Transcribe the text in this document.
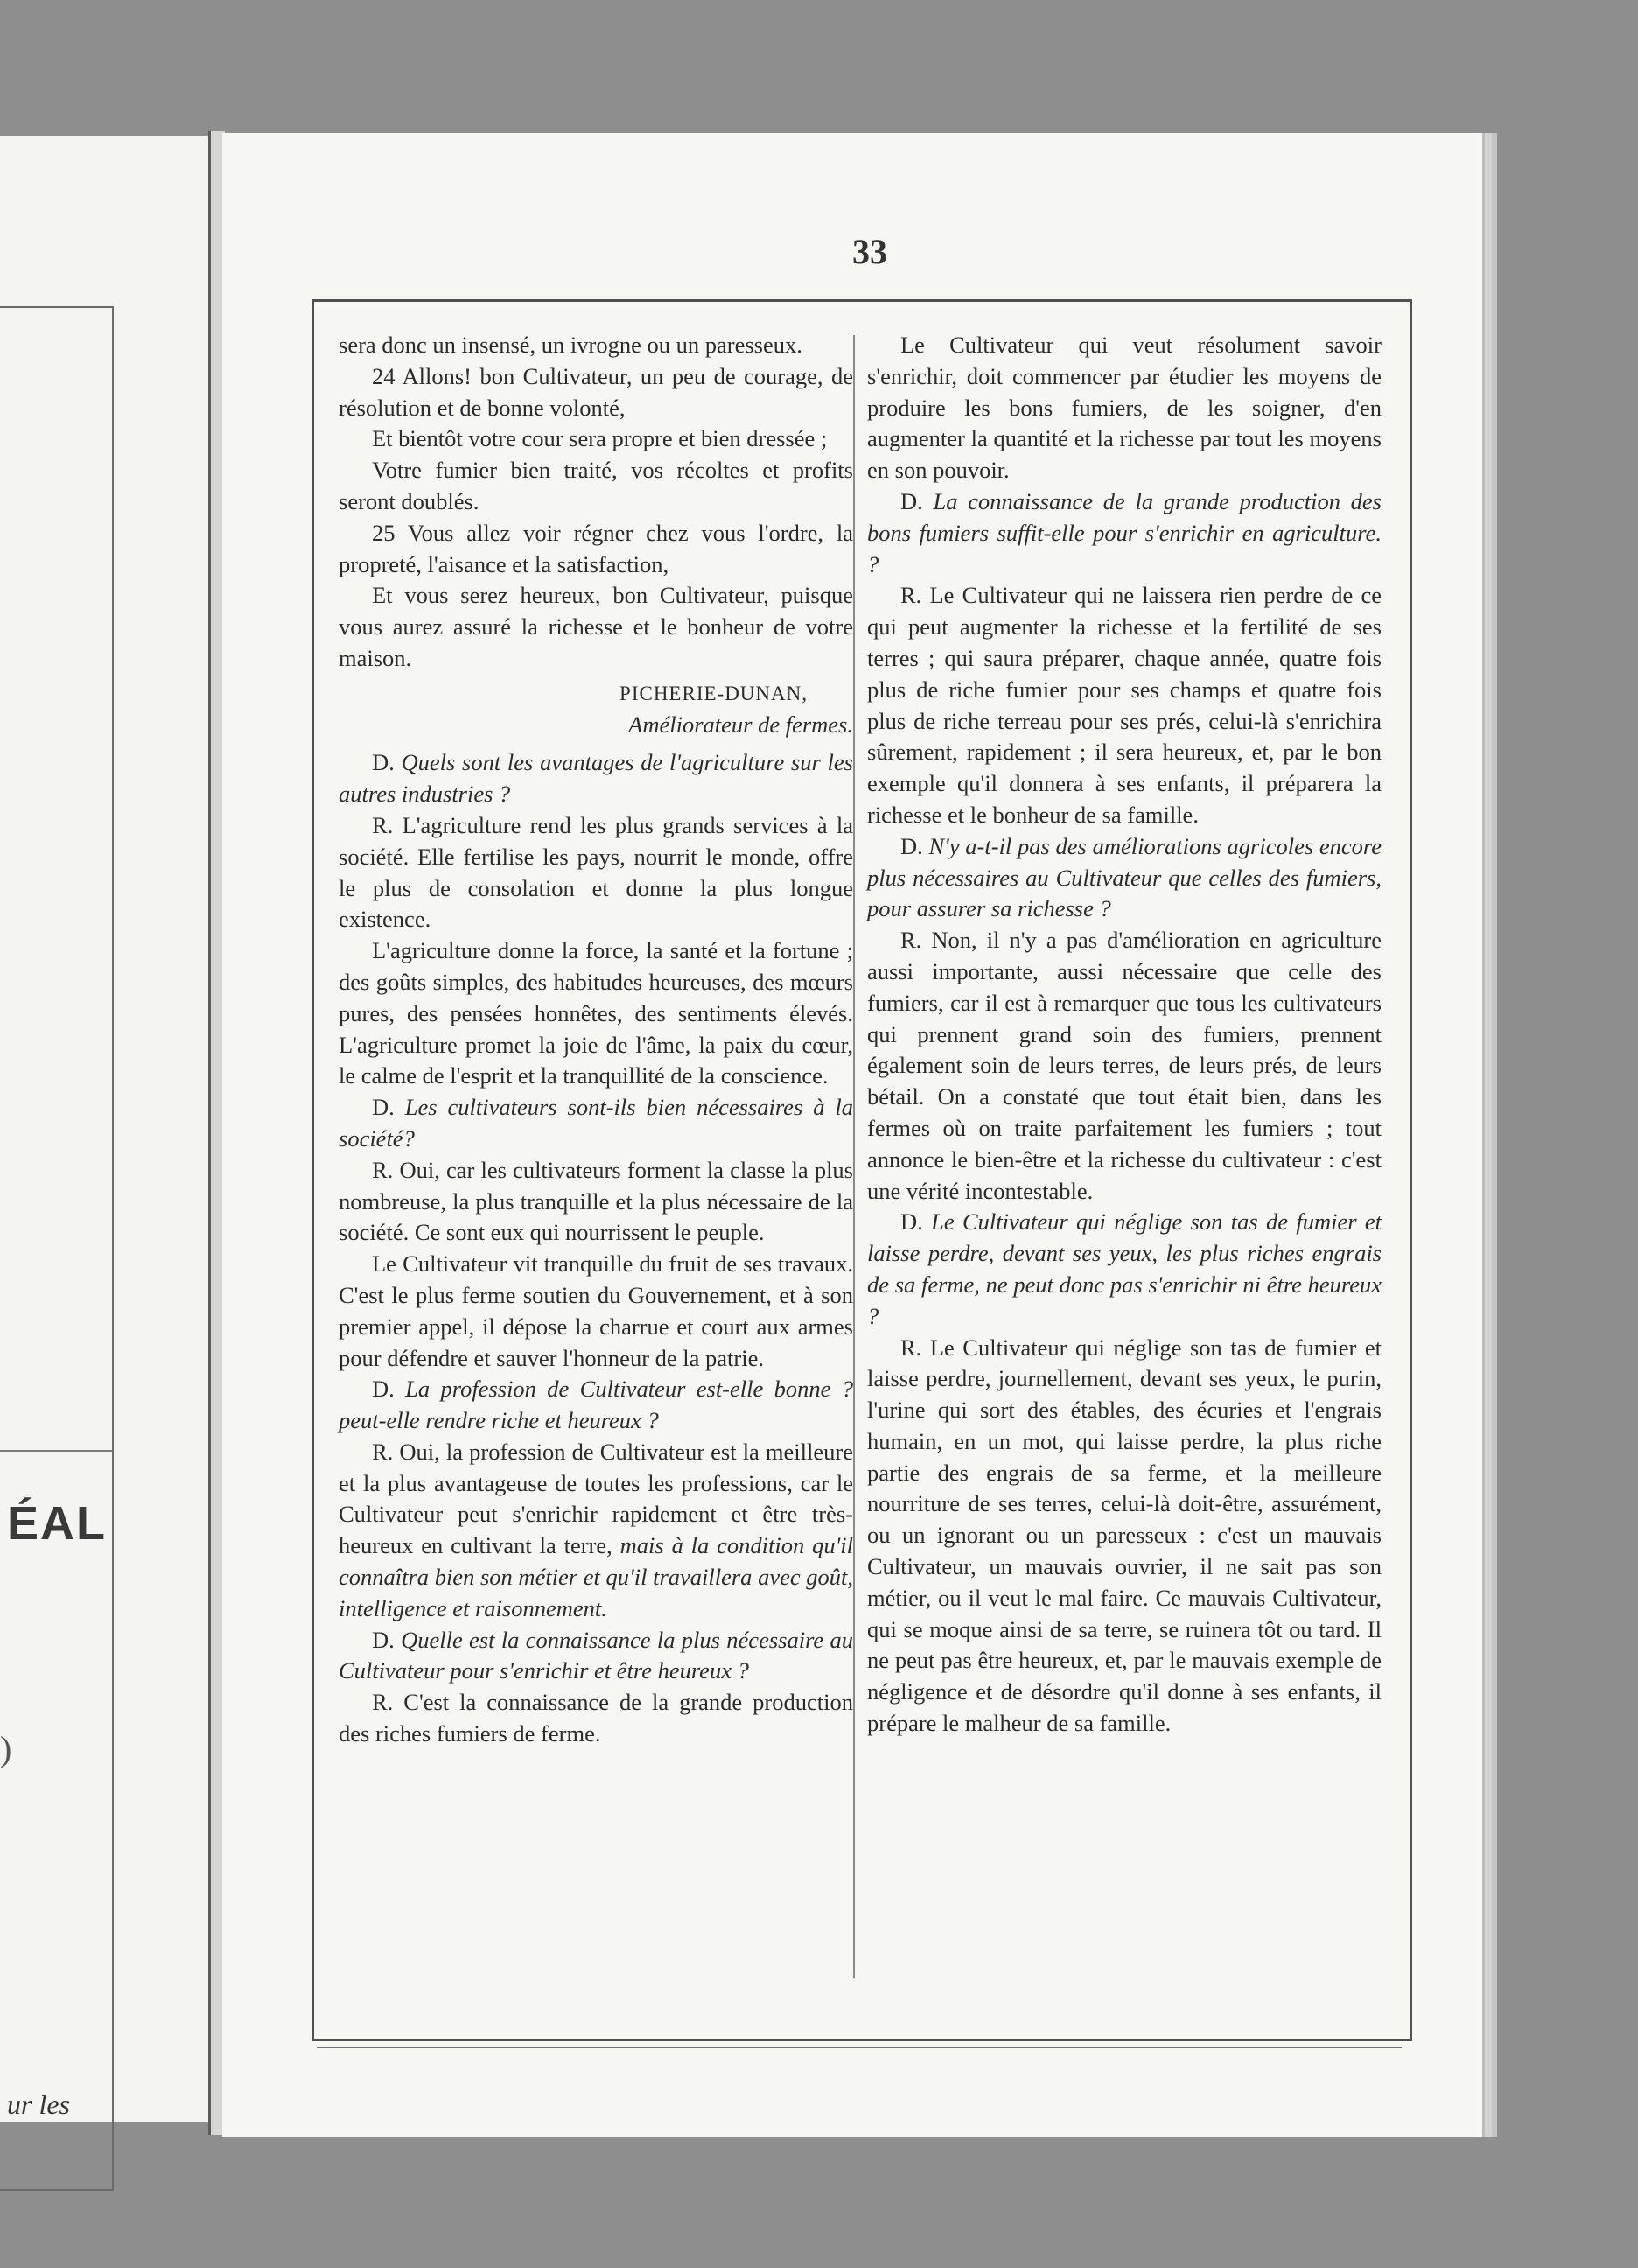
ÉAL
)
ur les
33

sera donc un insensé, un ivrogne ou un paresseux.

24 Allons! bon Cultivateur, un peu de courage, de résolution et de bonne volonté,

Et bientôt votre cour sera propre et bien dressée ;

Votre fumier bien traité, vos récoltes et profits seront doublés.

25 Vous allez voir régner chez vous l'ordre, la propreté, l'aisance et la satisfaction,

Et vous serez heureux, bon Cultivateur, puisque vous aurez assuré la richesse et le bonheur de votre maison.

PICHERIE-DUNAN,
Améliorateur de fermes.

D. Quels sont les avantages de l'agriculture sur les autres industries ?

R. L'agriculture rend les plus grands services à la société. Elle fertilise les pays, nourrit le monde, offre le plus de consolation et donne la plus longue existence.

L'agriculture donne la force, la santé et la fortune ; des goûts simples, des habitudes heureuses, des mœurs pures, des pensées honnêtes, des sentiments élevés. L'agriculture promet la joie de l'âme, la paix du cœur, le calme de l'esprit et la tranquillité de la conscience.

D. Les cultivateurs sont-ils bien nécessaires à la société?

R. Oui, car les cultivateurs forment la classe la plus nombreuse, la plus tranquille et la plus nécessaire de la société. Ce sont eux qui nourrissent le peuple.

Le Cultivateur vit tranquille du fruit de ses travaux. C'est le plus ferme soutien du Gouvernement, et à son premier appel, il dépose la charrue et court aux armes pour défendre et sauver l'honneur de la patrie.

D. La profession de Cultivateur est-elle bonne ? peut-elle rendre riche et heureux ?

R. Oui, la profession de Cultivateur est la meilleure et la plus avantageuse de toutes les professions, car le Cultivateur peut s'enrichir rapidement et être très-heureux en cultivant la terre, mais à la condition qu'il connaîtra bien son métier et qu'il travaillera avec goût, intelligence et raisonnement.

D. Quelle est la connaissance la plus nécessaire au Cultivateur pour s'enrichir et être heureux ?

R. C'est la connaissance de la grande production des riches fumiers de ferme.

Le Cultivateur qui veut résolument savoir s'enrichir, doit commencer par étudier les moyens de produire les bons fumiers, de les soigner, d'en augmenter la quantité et la richesse par tout les moyens en son pouvoir.

D. La connaissance de la grande production des bons fumiers suffit-elle pour s'enrichir en agriculture. ?

R. Le Cultivateur qui ne laissera rien perdre de ce qui peut augmenter la richesse et la fertilité de ses terres ; qui saura préparer, chaque année, quatre fois plus de riche fumier pour ses champs et quatre fois plus de riche terreau pour ses prés, celui-là s'enrichira sûrement, rapidement ; il sera heureux, et, par le bon exemple qu'il donnera à ses enfants, il préparera la richesse et le bonheur de sa famille.

D. N'y a-t-il pas des améliorations agricoles encore plus nécessaires au Cultivateur que celles des fumiers, pour assurer sa richesse ?

R. Non, il n'y a pas d'amélioration en agriculture aussi importante, aussi nécessaire que celle des fumiers, car il est à remarquer que tous les cultivateurs qui prennent grand soin des fumiers, prennent également soin de leurs terres, de leurs prés, de leurs bétail. On a constaté que tout était bien, dans les fermes où on traite parfaitement les fumiers ; tout annonce le bien-être et la richesse du cultivateur : c'est une vérité incontestable.

D. Le Cultivateur qui néglige son tas de fumier et laisse perdre, devant ses yeux, les plus riches engrais de sa ferme, ne peut donc pas s'enrichir ni être heureux ?

R. Le Cultivateur qui néglige son tas de fumier et laisse perdre, journellement, devant ses yeux, le purin, l'urine qui sort des étables, des écuries et l'engrais humain, en un mot, qui laisse perdre, la plus riche partie des engrais de sa ferme, et la meilleure nourriture de ses terres, celui-là doit-être, assurément, ou un ignorant ou un paresseux : c'est un mauvais Cultivateur, un mauvais ouvrier, il ne sait pas son métier, ou il veut le mal faire. Ce mauvais Cultivateur, qui se moque ainsi de sa terre, se ruinera tôt ou tard. Il ne peut pas être heureux, et, par le mauvais exemple de négligence et de désordre qu'il donne à ses enfants, il prépare le malheur de sa famille.
